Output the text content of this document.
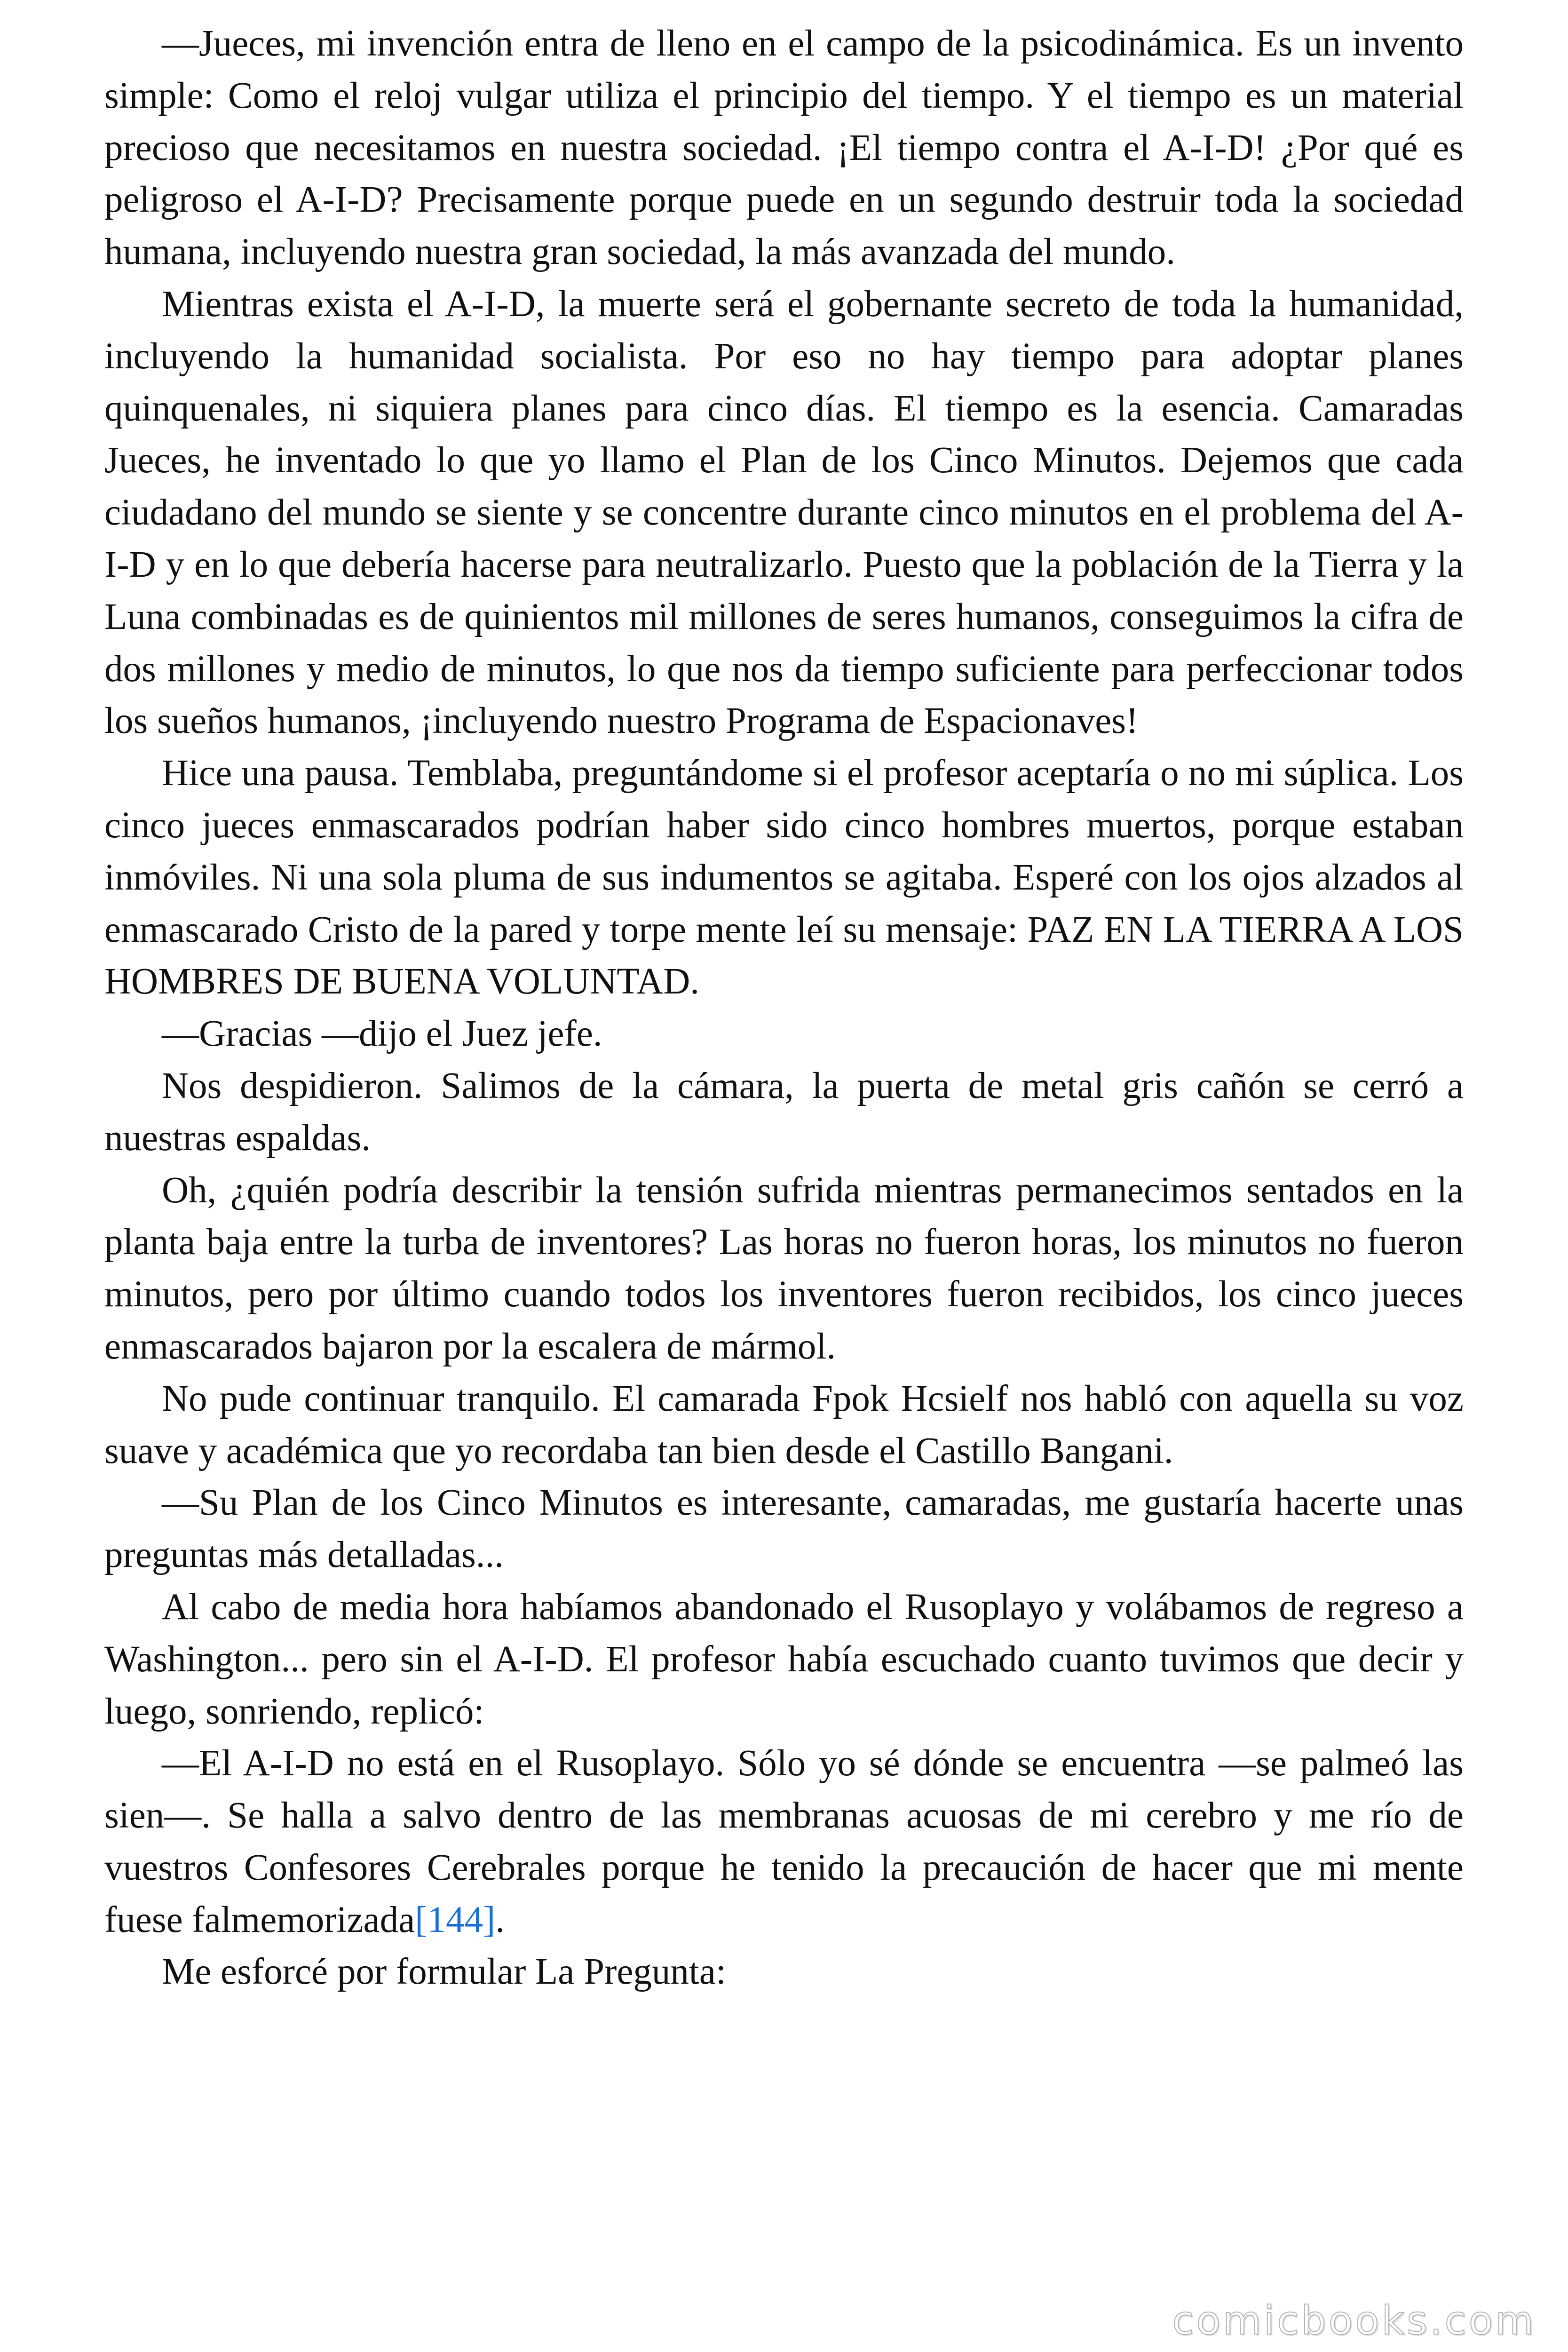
—Jueces, mi invención entra de lleno en el campo de la psicodinámica. Es un invento simple: Como el reloj vulgar utiliza el principio del tiempo. Y el tiempo es un material precioso que necesitamos en nuestra sociedad. ¡El tiempo contra el A-I-D! ¿Por qué es peligroso el A-I-D? Precisamente porque puede en un segundo destruir toda la sociedad humana, incluyendo nuestra gran sociedad, la más avanzada del mundo.

Mientras exista el A-I-D, la muerte será el gobernante secreto de toda la humanidad, incluyendo la humanidad socialista. Por eso no hay tiempo para adoptar planes quinquenales, ni siquiera planes para cinco días. El tiempo es la esencia. Camaradas Jueces, he inventado lo que yo llamo el Plan de los Cinco Minutos. Dejemos que cada ciudadano del mundo se siente y se concentre durante cinco minutos en el problema del A-I-D y en lo que debería hacerse para neutralizarlo. Puesto que la población de la Tierra y la Luna combinadas es de quinientos mil millones de seres humanos, conseguimos la cifra de dos millones y medio de minutos, lo que nos da tiempo suficiente para perfeccionar todos los sueños humanos, ¡incluyendo nuestro Programa de Espacionaves!

Hice una pausa. Temblaba, preguntándome si el profesor aceptaría o no mi súplica. Los cinco jueces enmascarados podrían haber sido cinco hombres muertos, porque estaban inmóviles. Ni una sola pluma de sus indumentos se agitaba. Esperé con los ojos alzados al enmascarado Cristo de la pared y torpe mente leí su mensaje: PAZ EN LA TIERRA A LOS HOMBRES DE BUENA VOLUNTAD.

—Gracias —dijo el Juez jefe.

Nos despidieron. Salimos de la cámara, la puerta de metal gris cañón se cerró a nuestras espaldas.

Oh, ¿quién podría describir la tensión sufrida mientras permanecimos sentados en la planta baja entre la turba de inventores? Las horas no fueron horas, los minutos no fueron minutos, pero por último cuando todos los inventores fueron recibidos, los cinco jueces enmascarados bajaron por la escalera de mármol.

No pude continuar tranquilo. El camarada Fpok Hcsielf nos habló con aquella su voz suave y académica que yo recordaba tan bien desde el Castillo Bangani.

—Su Plan de los Cinco Minutos es interesante, camaradas, me gustaría hacerte unas preguntas más detalladas...

Al cabo de media hora habíamos abandonado el Rusoplayo y volábamos de regreso a Washington... pero sin el A-I-D. El profesor había escuchado cuanto tuvimos que decir y luego, sonriendo, replicó:

—El A-I-D no está en el Rusoplayo. Sólo yo sé dónde se encuentra —se palmeó las sien—. Se halla a salvo dentro de las membranas acuosas de mi cerebro y me río de vuestros Confesores Cerebrales porque he tenido la precaución de hacer que mi mente fuese falmemorizada[144].

Me esforcé por formular La Pregunta:

comicbooks.com
